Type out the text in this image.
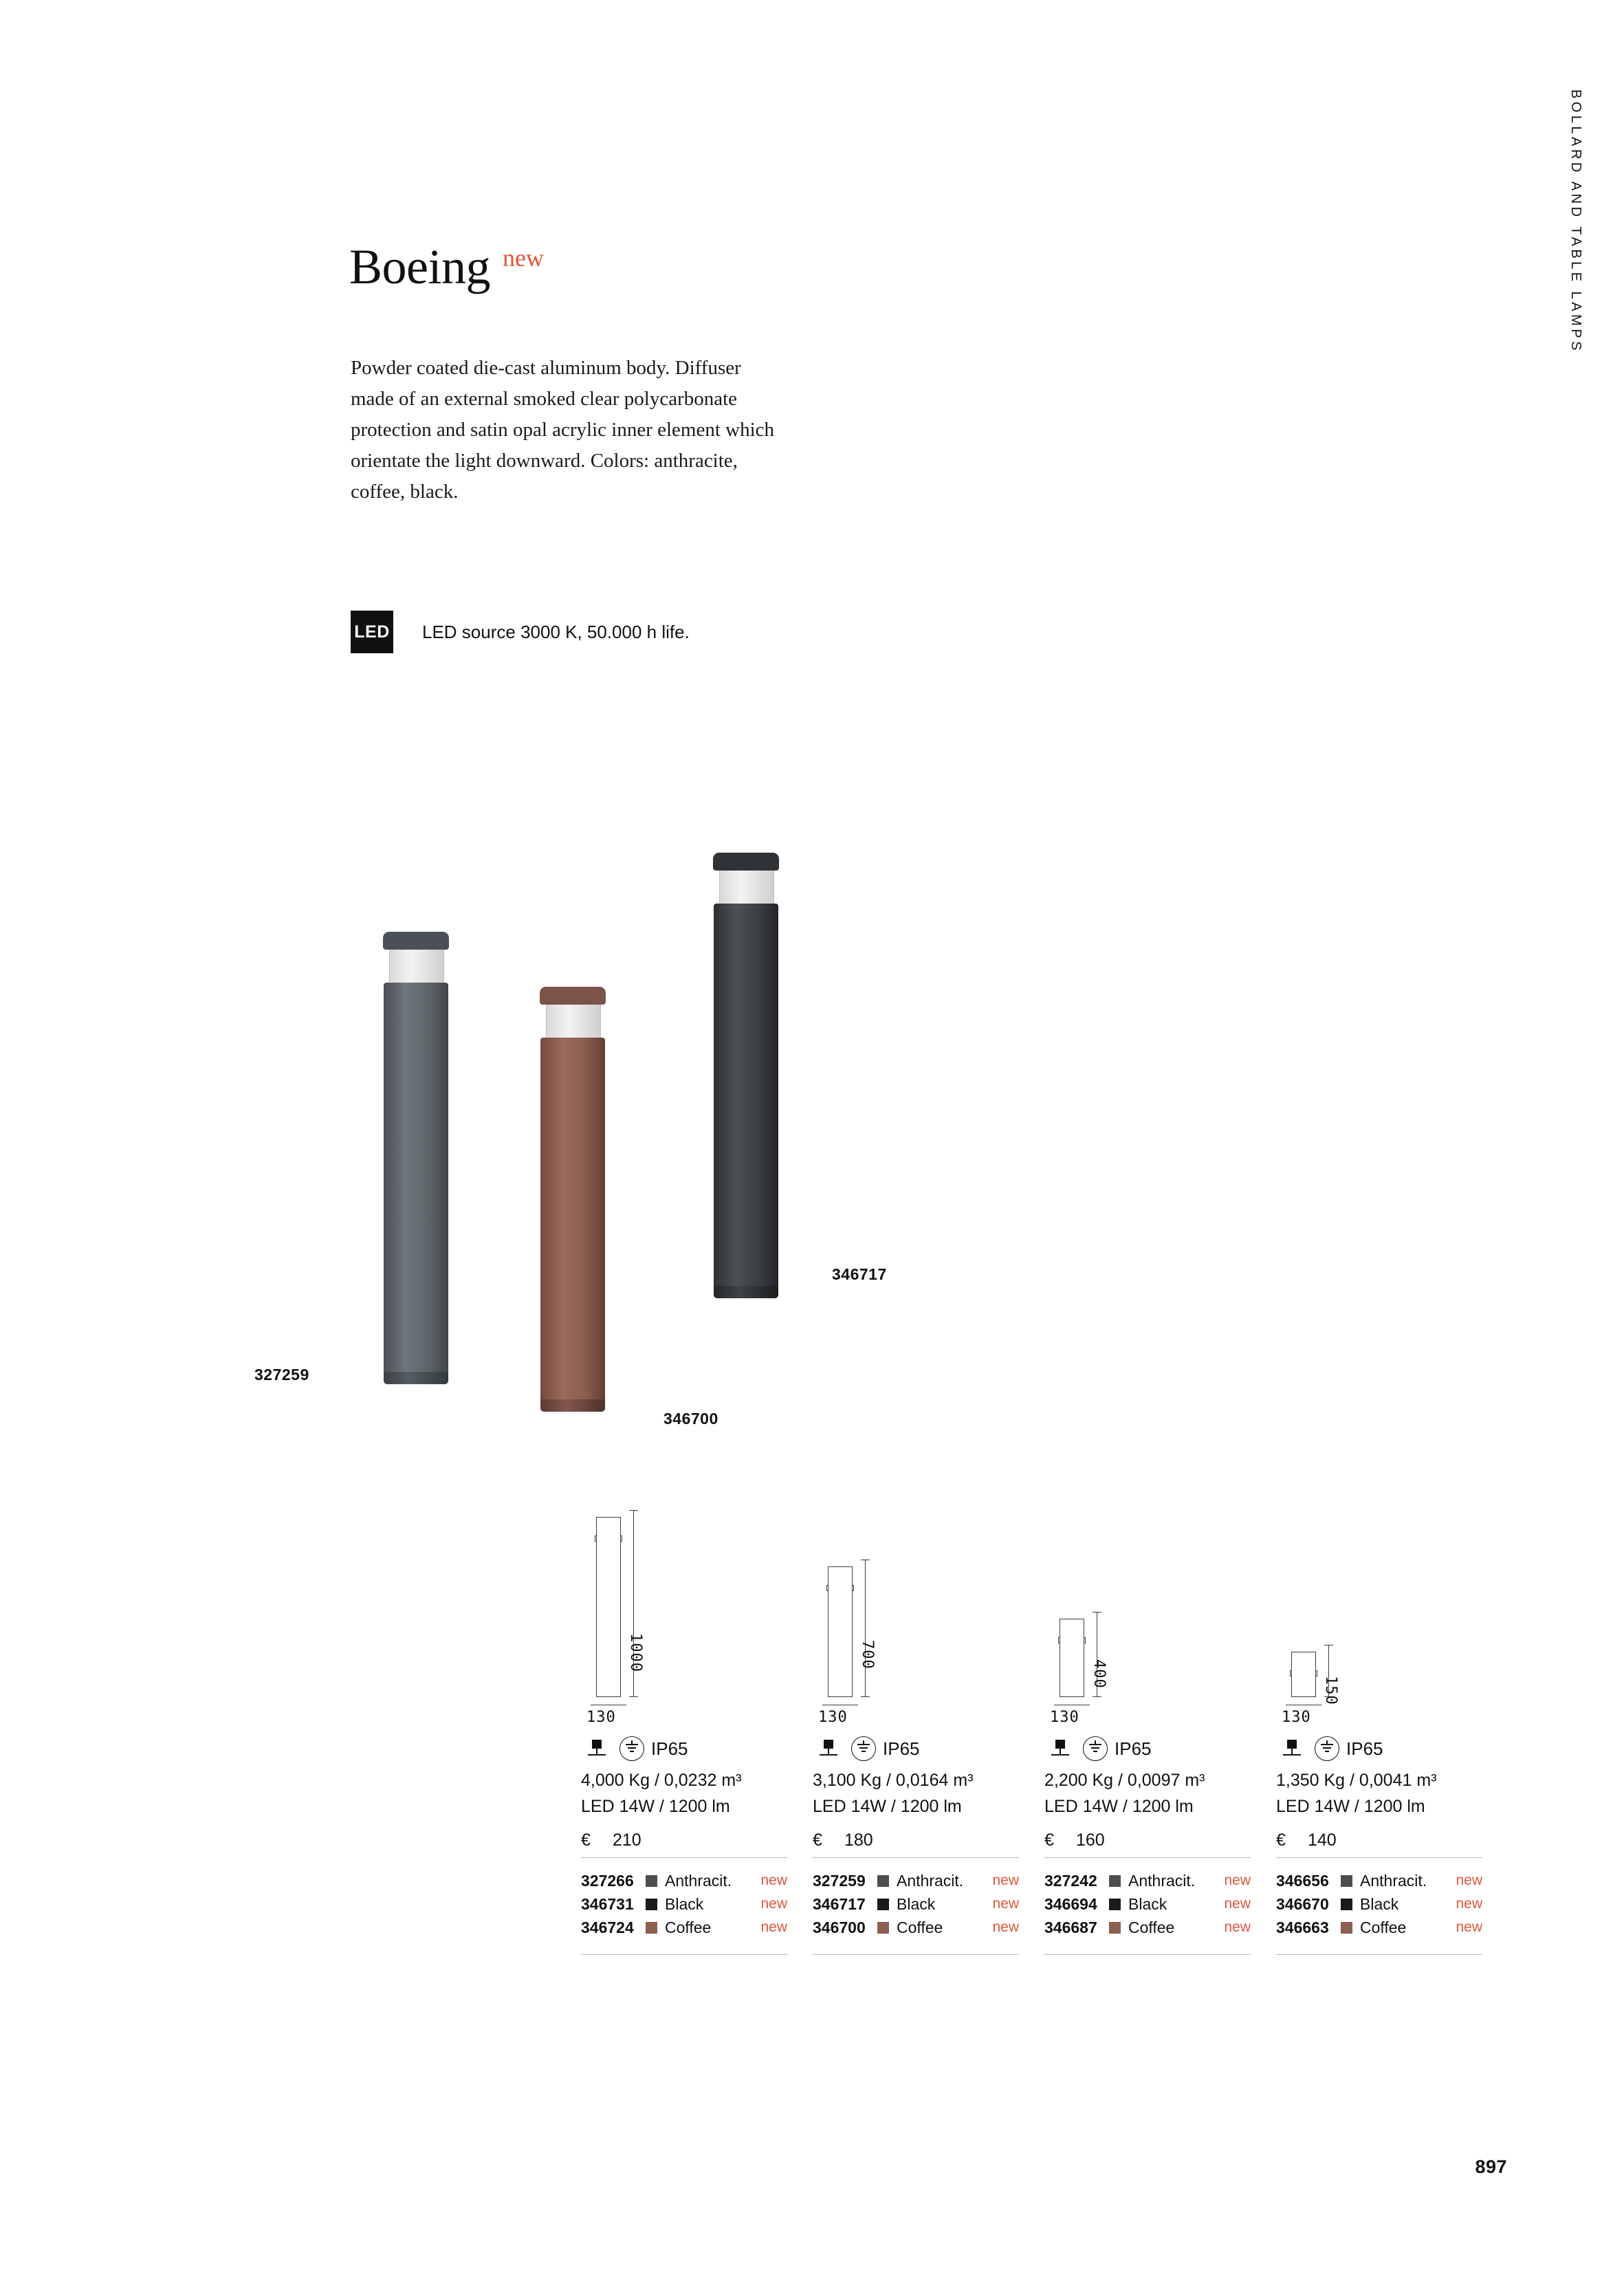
BOLLARD AND TABLE LAMPS
Boeing new
Powder coated die-cast aluminum body. Diffuser made of an external smoked clear polycarbonate protection and satin opal acrylic inner element which orientate the light downward. Colors: anthracite, coffee, black.
LED LED source 3000 K, 50.000 h life.
327259
346700
346717
1000
130
IP65
4,000 Kg / 0,0232 m³
LED 14W / 1200 lm
€	210
327266	Anthracit.	new
346731	Black	new
346724	Coffee	new
700
130
IP65
3,100 Kg / 0,0164 m³
LED 14W / 1200 lm
€	180
327259	Anthracit.	new
346717	Black	new
346700	Coffee	new
400
130
IP65
2,200 Kg / 0,0097 m³
LED 14W / 1200 lm
€	160
327242	Anthracit.	new
346694	Black	new
346687	Coffee	new
150
130
IP65
1,350 Kg / 0,0041 m³
LED 14W / 1200 lm
€	140
346656	Anthracit.	new
346670	Black	new
346663	Coffee	new
897
